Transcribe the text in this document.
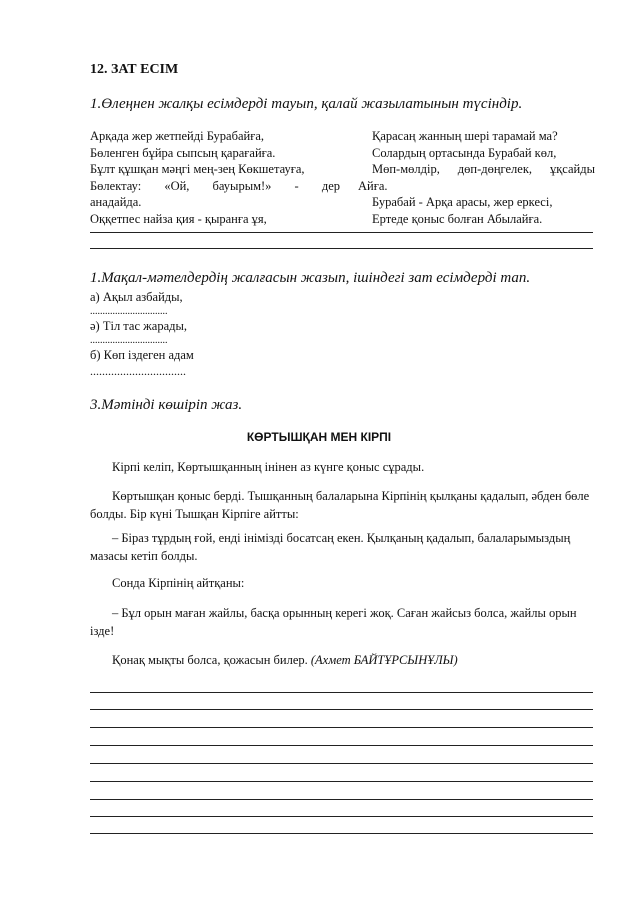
12. ЗАТ ЕСІМ
1.Өлеңнен жалқы есімдерді тауып, қалай жазылатынын түсіндір.
Арқада жер жетпейді Бурабайға,
Бөленген бұйра сыпсың қарағайға.
Бұлт құшқан мәңгі мең-зең Көкшетауға,
Бөлектау: «Ой, бауырым!» - дер
анадайда.
Оққетпес найза қия - қыранға ұя,
Қарасаң жанның шері тарамай ма?
Солардың ортасында Бурабай көл,
Мөп-мөлдір, дөп-дөңгелек, ұқсайды
Айға.
Бурабай - Арқа арасы, жер еркесі,
Ертеде қоныс болған Абылайға.
1.Мақал-мәтелдердің жалғасын жазып, ішіндегі зат есімдерді тап.
а) Ақыл азбайды,
...............................
ә) Тіл тас жарады,
...............................
б) Көп іздеген адам
................................
3.Мәтінді көшіріп жаз.
КӨРТЫШҚАН МЕН КІРПІ
Кірпі келіп, Көртышқанның інінен аз күнге қоныс сұрады.
Көртышқан қоныс берді. Тышқанның балаларына Кірпінің қылқаны қадалып, әбден бөле болды. Бір күні Тышқан Кірпіге айтты:
– Біраз тұрдың ғой, енді інімізді босатсаң екен. Қылқаның қадалып, балаларымыздың мазасы кетіп болды.
Сонда Кірпінің айтқаны:
– Бұл орын маған жайлы, басқа орынның керегі жоқ. Саған жайсыз болса, жайлы орын ізде!
Қонақ мықты болса, қожасын билер. (Ахмет БАЙТҰРСЫНҰЛЫ)
